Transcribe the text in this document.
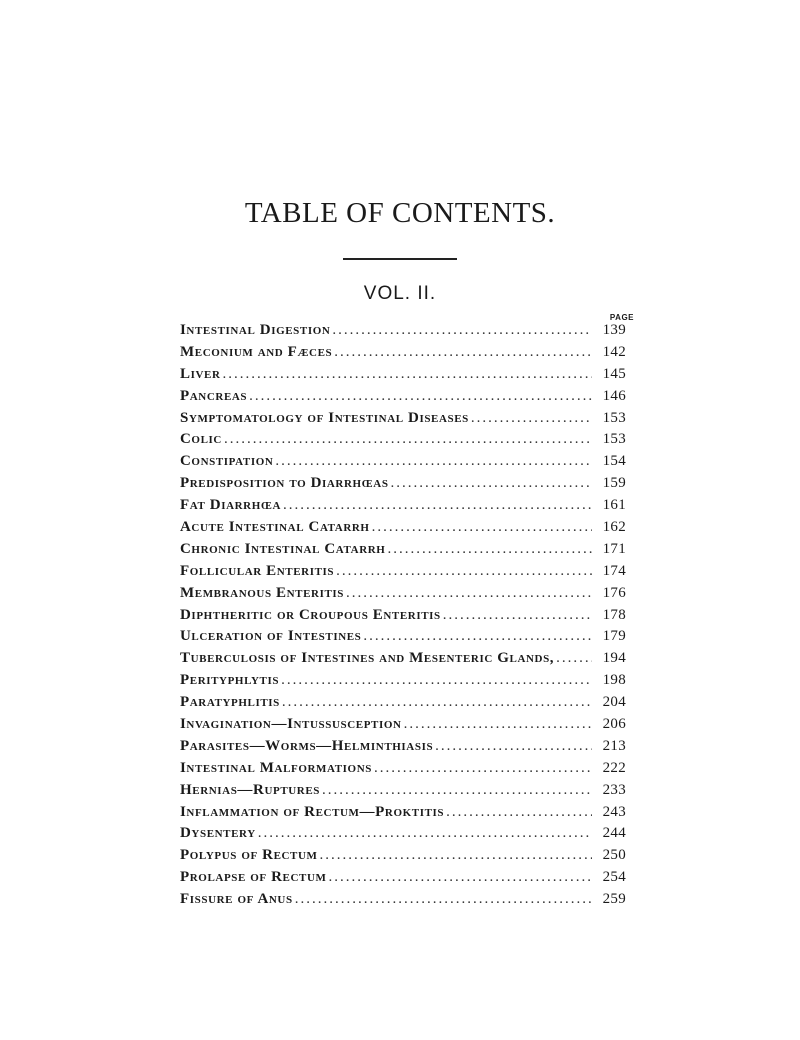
TABLE OF CONTENTS.
VOL. II.
PAGE
Intestinal Digestion .....	139
Meconium and Fæces .....	142
Liver .....	145
Pancreas .....	146
Symptomatology of Intestinal Diseases .....	153
Colic .....	153
Constipation .....	154
Predisposition to Diarrhœas .....	159
Fat Diarrhœa .....	161
Acute Intestinal Catarrh .....	162
Chronic Intestinal Catarrh .....	171
Follicular Enteritis .....	174
Membranous Enteritis .....	176
Diphtheritic or Croupous Enteritis .....	178
Ulceration of Intestines .....	179
Tuberculosis of Intestines and Mesenteric Glands, .....	194
Perityphlytis .....	198
Paratyphlitis .....	204
Invagination—Intussusception .....	206
Parasites—Worms—Helminthiasis .....	213
Intestinal Malformations .....	222
Hernias—Ruptures .....	233
Inflammation of Rectum—Proktitis .....	243
Dysentery .....	244
Polypus of Rectum .....	250
Prolapse of Rectum .....	254
Fissure of Anus .....	259
